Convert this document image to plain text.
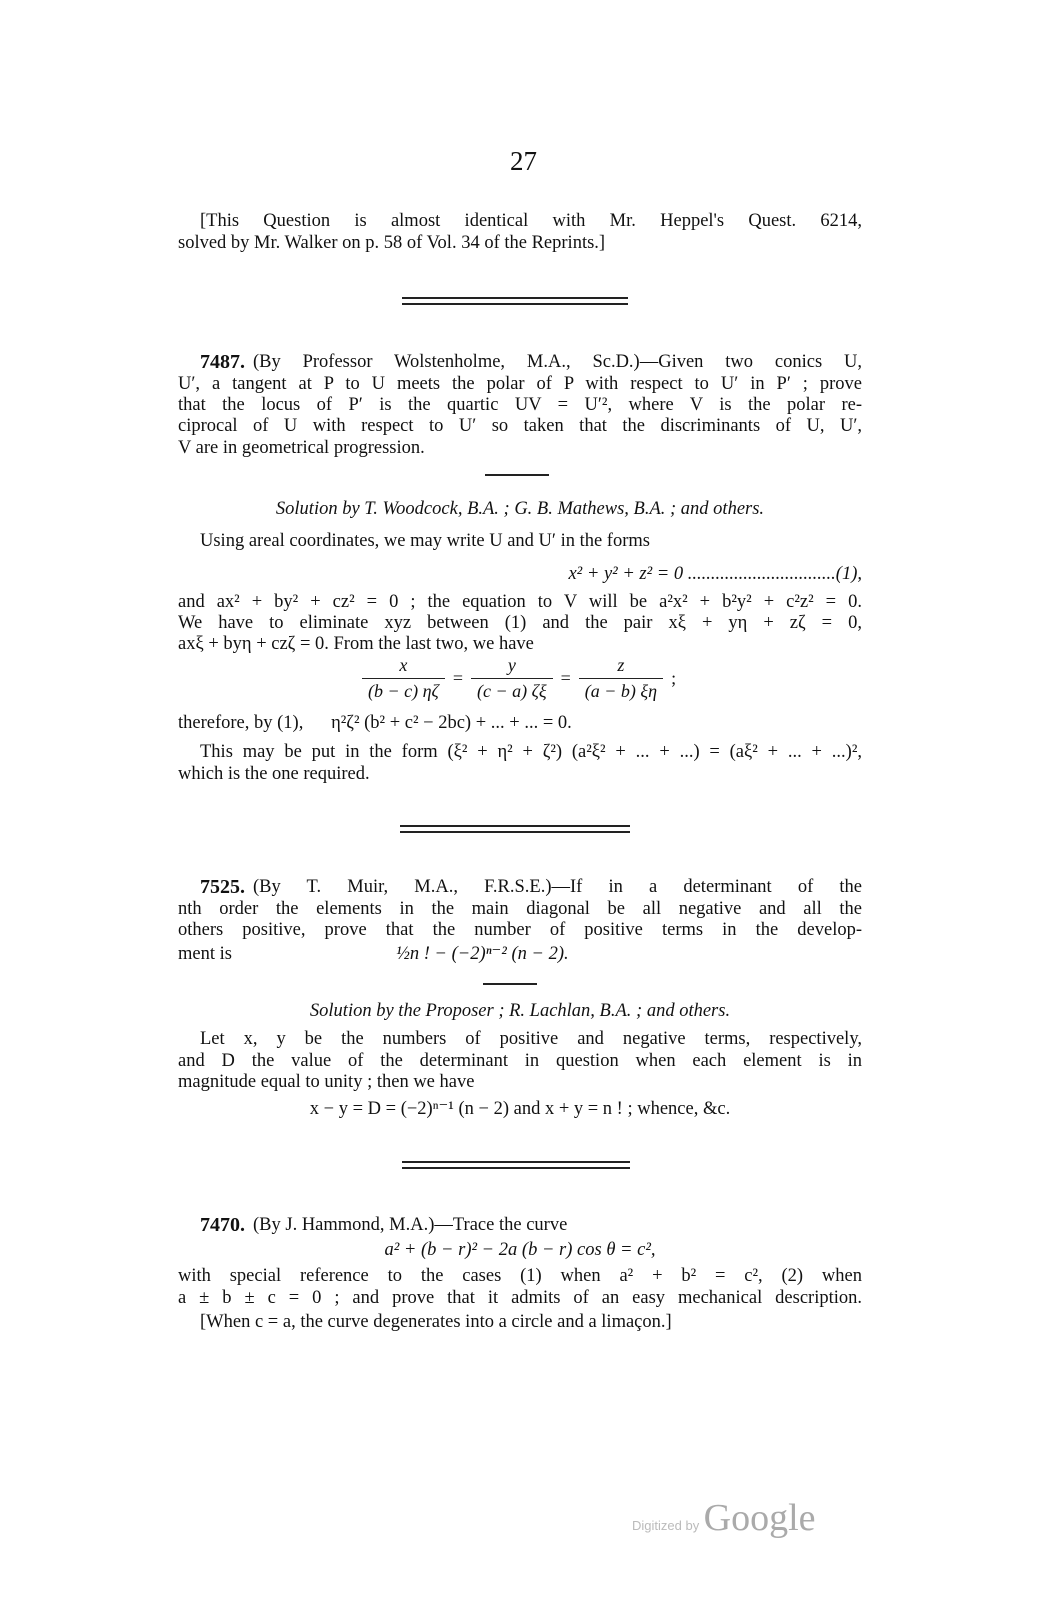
27
[This Question is almost identical with Mr. Heppel's Quest. 6214,
solved by Mr. Walker on p. 58 of Vol. 34 of the Reprints.]
7487. (By Professor Wolstenholme, M.A., Sc.D.)—Given two conics U,
U′, a tangent at P to U meets the polar of P with respect to U′ in P′ ; prove
that the locus of P′ is the quartic UV = U′², where V is the polar re-
ciprocal of U with respect to U′ so taken that the discriminants of U, U′,
V are in geometrical progression.
Solution by T. Woodcock, B.A. ; G. B. Mathews, B.A. ; and others.
Using areal coordinates, we may write U and U′ in the forms
x² + y² + z² = 0 ................................(1),
and ax² + by² + cz² = 0 ; the equation to V will be a²x² + b²y² + c²z² = 0.
We have to eliminate xyz between (1) and the pair xξ + yη + zζ = 0,
axξ + byη + czζ = 0. From the last two, we have
$\frac{x}{(b - c) \eta\zeta} = \frac{y}{(c - a) \zeta\xi} = \frac{z}{(a - b) \xi\eta}$ ;
therefore, by (1),      η²ζ² (b² + c² − 2bc) + ... + ... = 0.
This may be put in the form (ξ² + η² + ζ²) (a²ξ² + ... + ...) = (aξ² + ... + ...)²,
which is the one required.
7525. (By T. Muir, M.A., F.R.S.E.)—If in a determinant of the
nth order the elements in the main diagonal be all negative and all the
others positive, prove that the number of positive terms in the develop-
ment is	½n ! − (−2)ⁿ⁻² (n − 2).
Solution by the Proposer ; R. Lachlan, B.A. ; and others.
Let x, y be the numbers of positive and negative terms, respectively,
and D the value of the determinant in question when each element is in
magnitude equal to unity ; then we have
x − y = D = (−2)ⁿ⁻¹ (n − 2) and x + y = n ! ; whence, &c.
7470. (By J. Hammond, M.A.)—Trace the curve
a² + (b − r)² − 2a (b − r) cos θ = c²,
with special reference to the cases (1) when a² + b² = c², (2) when
a ± b ± c = 0 ; and prove that it admits of an easy mechanical description.
[When c = a, the curve degenerates into a circle and a limaçon.]
Digitized by Google
